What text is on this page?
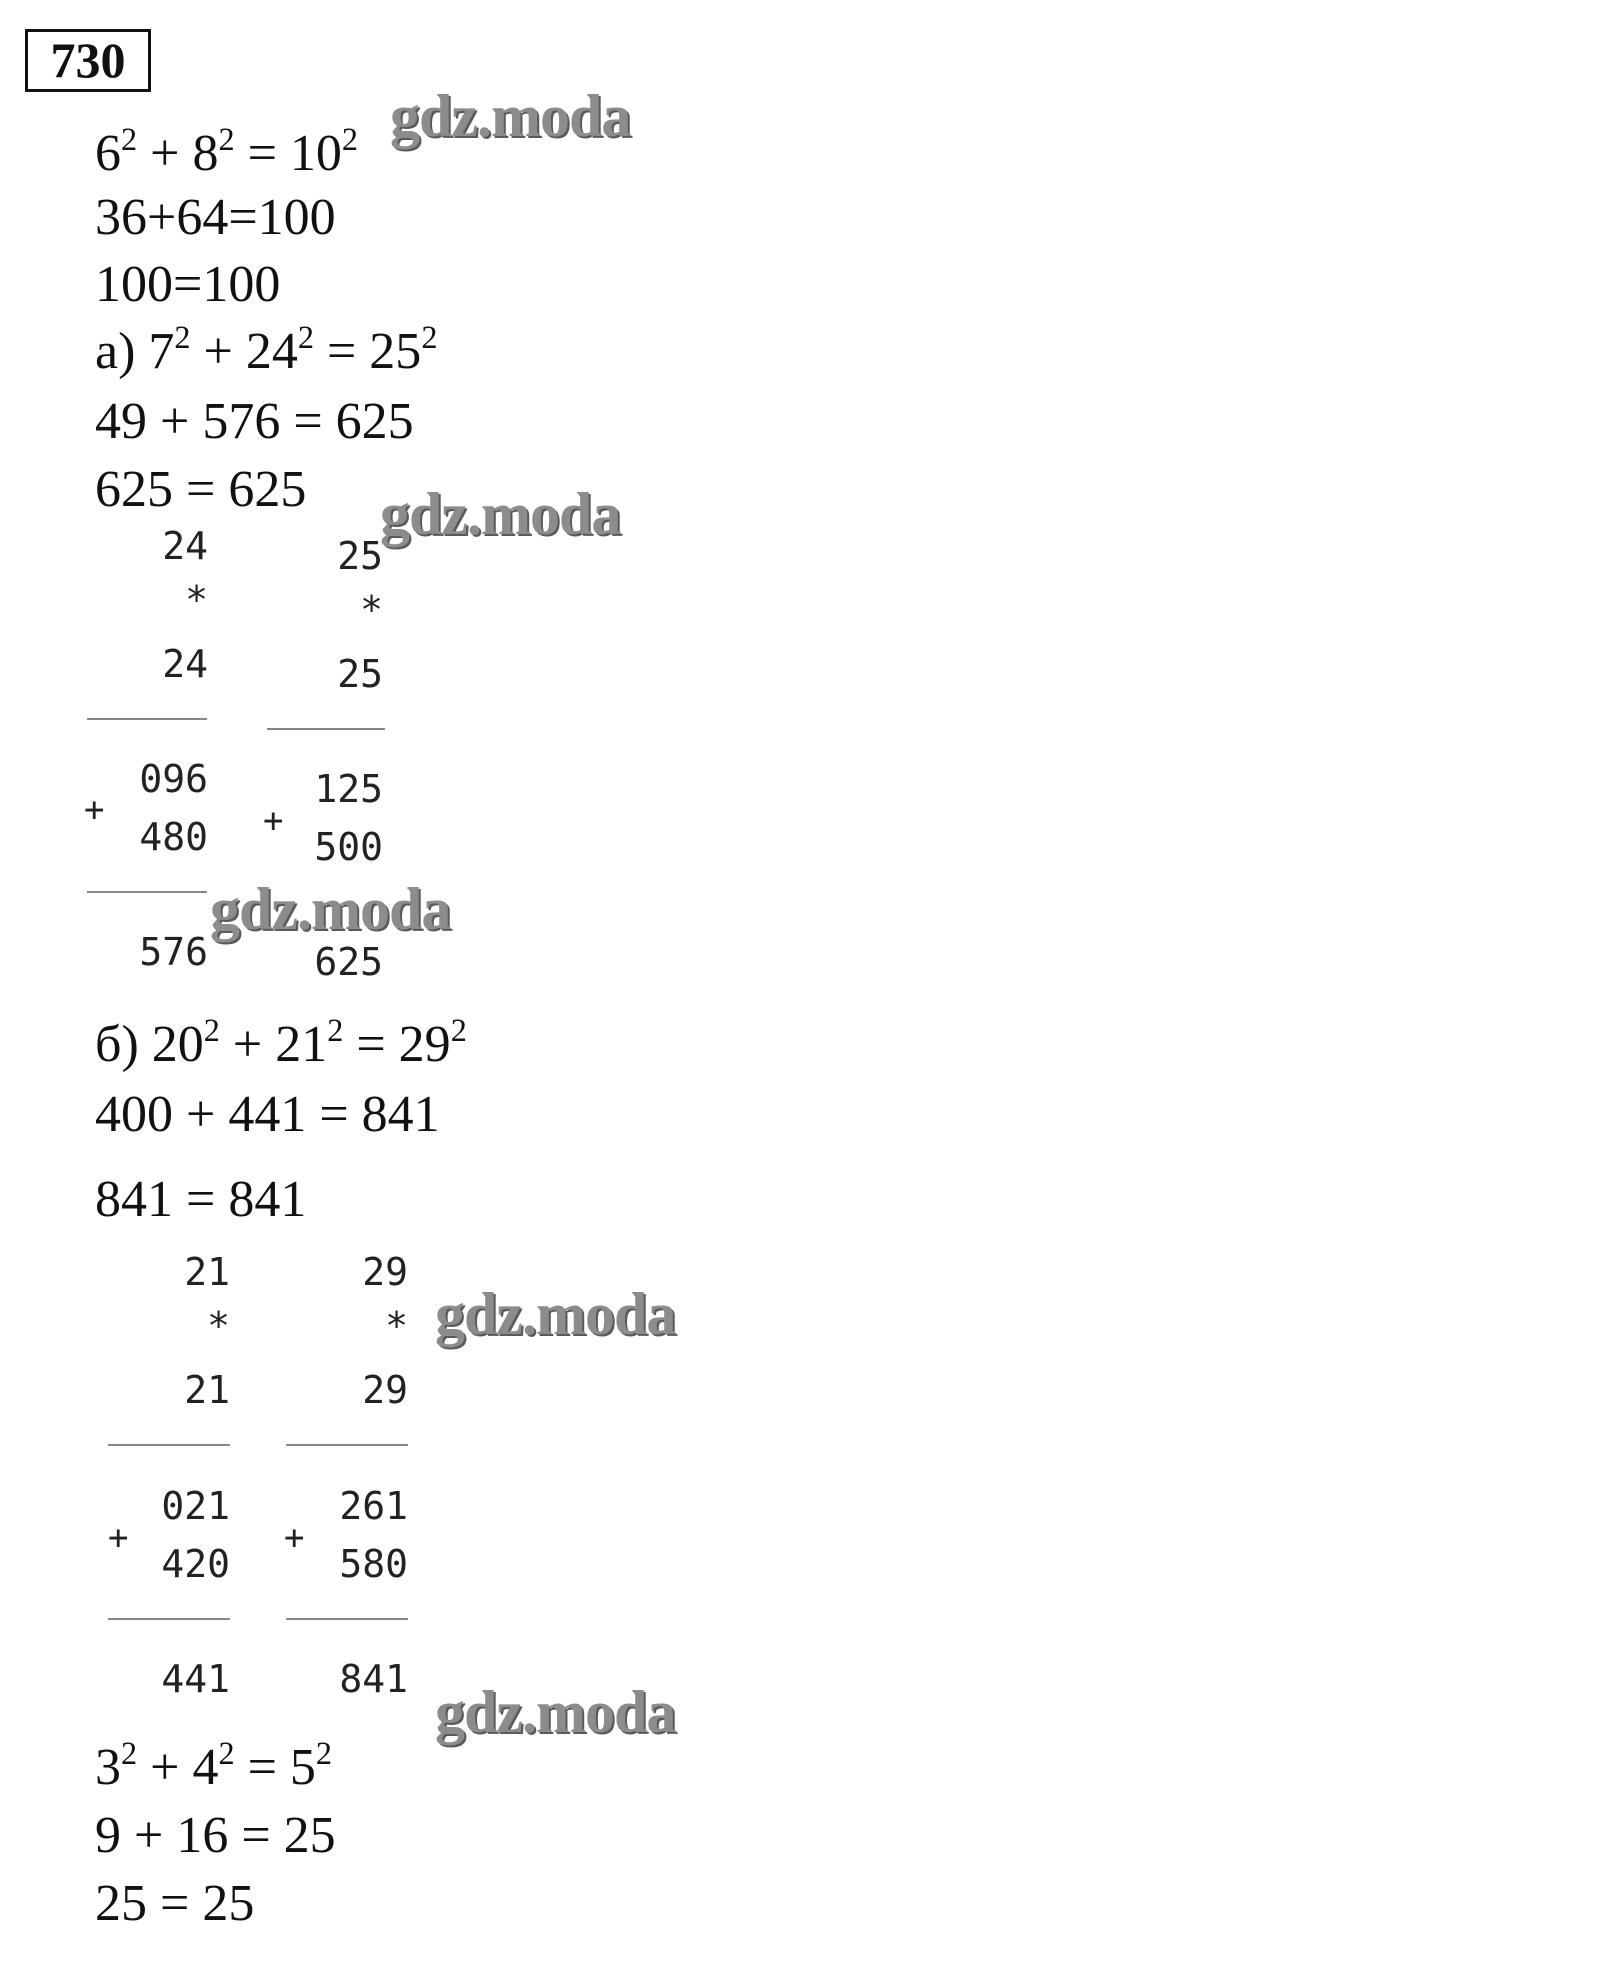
730
$6^2 + 8^2 = 10^2$
36+64=100
100=100
а) $7^2 + 24^2 = 25^2$
49 + 576 = 625
625 = 625
24
*
24
+
096
480
576
25
*
25
+
125
500
625
б) $20^2 + 21^2 = 29^2$
400 + 441 = 841
841 = 841
21
*
21
+
021
420
441
29
*
29
+
261
580
841
$3^2 + 4^2 = 5^2$
9 + 16 = 25
25 = 25
gdz.moda
gdz.moda
gdz.moda
gdz.moda
gdz.moda
